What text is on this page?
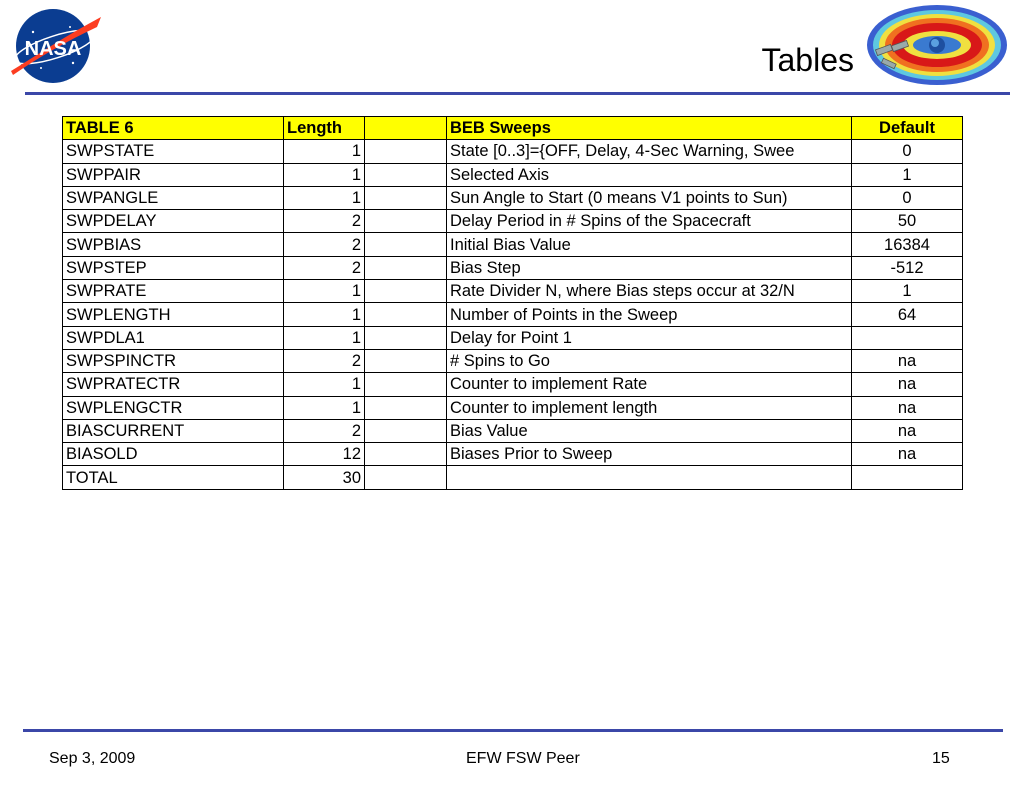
NASA	Tables
TABLE 6	Length		BEB Sweeps	Default
SWPSTATE	1		State [0..3]={OFF, Delay, 4-Sec Warning, Swee	0
SWPPAIR	1		Selected Axis	1
SWPANGLE	1		Sun Angle to Start (0 means V1 points to Sun)	0
SWPDELAY	2		Delay Period in # Spins of the Spacecraft	50
SWPBIAS	2		Initial Bias Value	16384
SWPSTEP	2		Bias Step	-512
SWPRATE	1		Rate Divider N, where Bias steps occur at 32/N	1
SWPLENGTH	1		Number of Points in the Sweep	64
SWPDLA1	1		Delay for Point 1	
SWPSPINCTR	2		# Spins to Go	na
SWPRATECTR	1		Counter to implement Rate	na
SWPLENGCTR	1		Counter to implement length	na
BIASCURRENT	2		Bias Value	na
BIASOLD	12		Biases Prior to Sweep	na
TOTAL	30			
Sep 3, 2009	EFW FSW Peer	15
